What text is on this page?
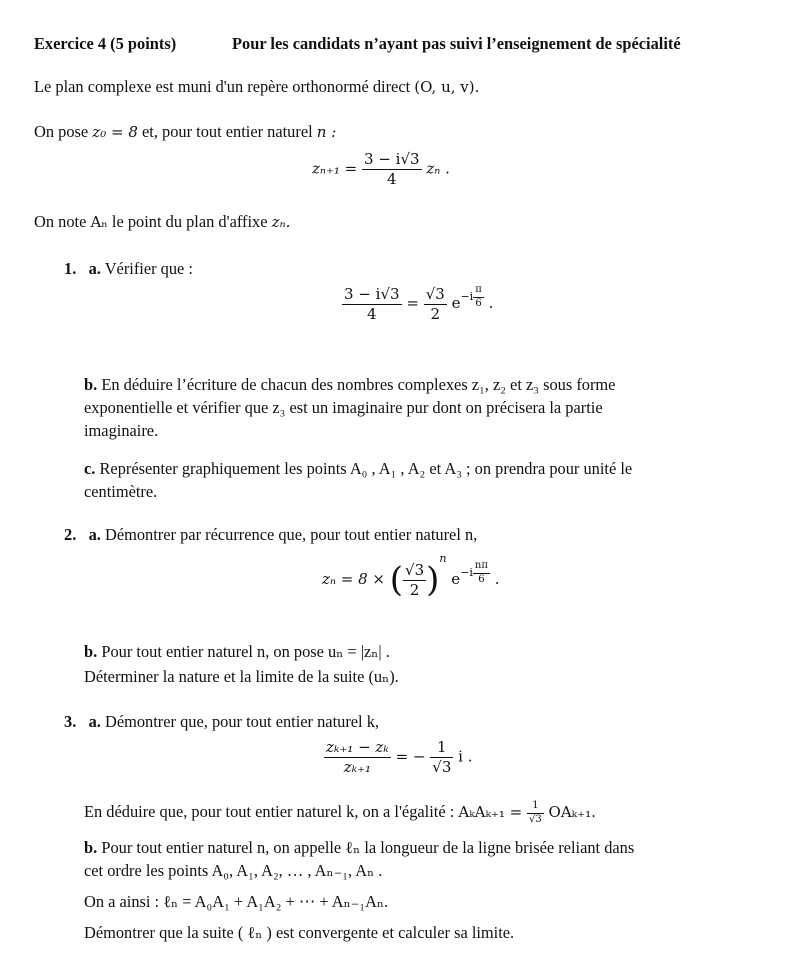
Exercice 4 (5 points)	Pour les candidats n’ayant pas suivi l’enseignement de spécialité
Le plan complexe est muni d'un repère orthonormé direct (O, u, v).
On pose z₀ = 8 et, pour tout entier naturel n :
$z_{n+1} = \frac{3 - i√3}{4}$ zₙ .
On note Aₙ le point du plan d'affixe zₙ.
1. a. Vérifier que :
$\frac{3 - i√3}{4} = \frac{√3}{2} e^{-i \frac{\pi}{6}}$ .
b. En déduire l’écriture de chacun des nombres complexes z₁, z₂ et z₃ sous forme
exponentielle et vérifier que z₃ est un imaginaire pur dont on précisera la partie
imaginaire.
c. Représenter graphiquement les points A₀ , A₁ , A₂ et A₃ ; on prendra pour unité le
centimètre.
2. a. Démontrer par récurrence que, pour tout entier naturel n,
zₙ = 8 × ( $\frac{√3}{2} )^n$ $e^{-i \frac{n\pi}{6}}$ .
b. Pour tout entier naturel n, on pose uₙ = |zₙ| .
Déterminer la nature et la limite de la suite (uₙ).
3. a. Démontrer que, pour tout entier naturel k,
$\frac{\text{zₖ₊₁ − zₖ}}{\text{zₖ₊₁}}$ = − $\frac{1}{√3}$ i .
En déduire que, pour tout entier naturel k, on a l'égalité : $A_kA_{k+1} = \frac{1}{√3} OA_{k+1}$.
b. Pour tout entier naturel n, on appelle ℓₙ la longueur de la ligne brisée reliant dans
cet ordre les points A₀, A₁, A₂, … , Aₙ₋₁, Aₙ .
On a ainsi : ℓₙ = A₀A₁ + A₁A₂ + ⋯ + Aₙ₋₁Aₙ.
Démontrer que la suite ( ℓₙ ) est convergente et calculer sa limite.
